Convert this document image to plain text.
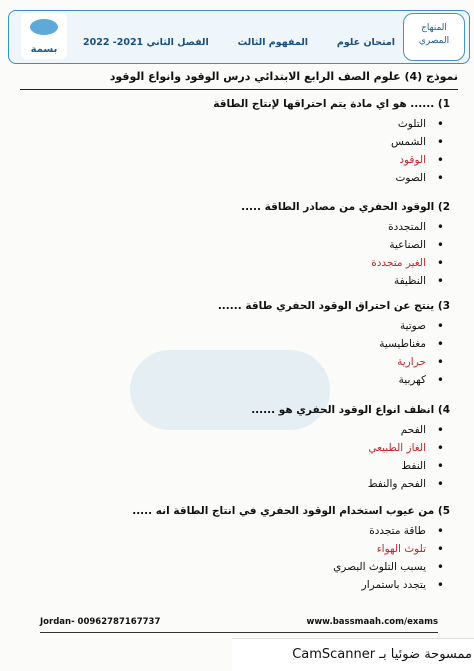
بسمة
امتحان علوم
المفهوم الثالث
الفصل الثاني 2021- 2022
المنهاج
المصري
نموذج (4) علوم الصف الرابع الابتدائي درس الوقود وانواع الوقود
1) ...... هو اي مادة يتم احتراقها لإنتاج الطاقة
• التلوث
• الشمس
• الوقود
• الصوت
2) الوقود الحفري من مصادر الطاقة .....
• المتجددة
• الصناعية
• الغير متجددة
• النظيفة
3) ينتج عن احتراق الوقود الحفري طاقة ......
• صوتية
• مغناطيسية
• حرارية
• كهربية
4) انظف انواع الوقود الحفري هو ......
• الفحم
• الغاز الطبيعي
• النفط
• الفحم والنفط
5) من عيوب استخدام الوقود الحفري في انتاج الطاقة انه .....
• طاقة متجددة
• تلوث الهواء
• يسبب التلوث البصري
• يتجدد باستمرار
Jordan- 00962787167737	www.bassmaah.com/exams
ممسوحة ضوئيا بـ CamScanner
